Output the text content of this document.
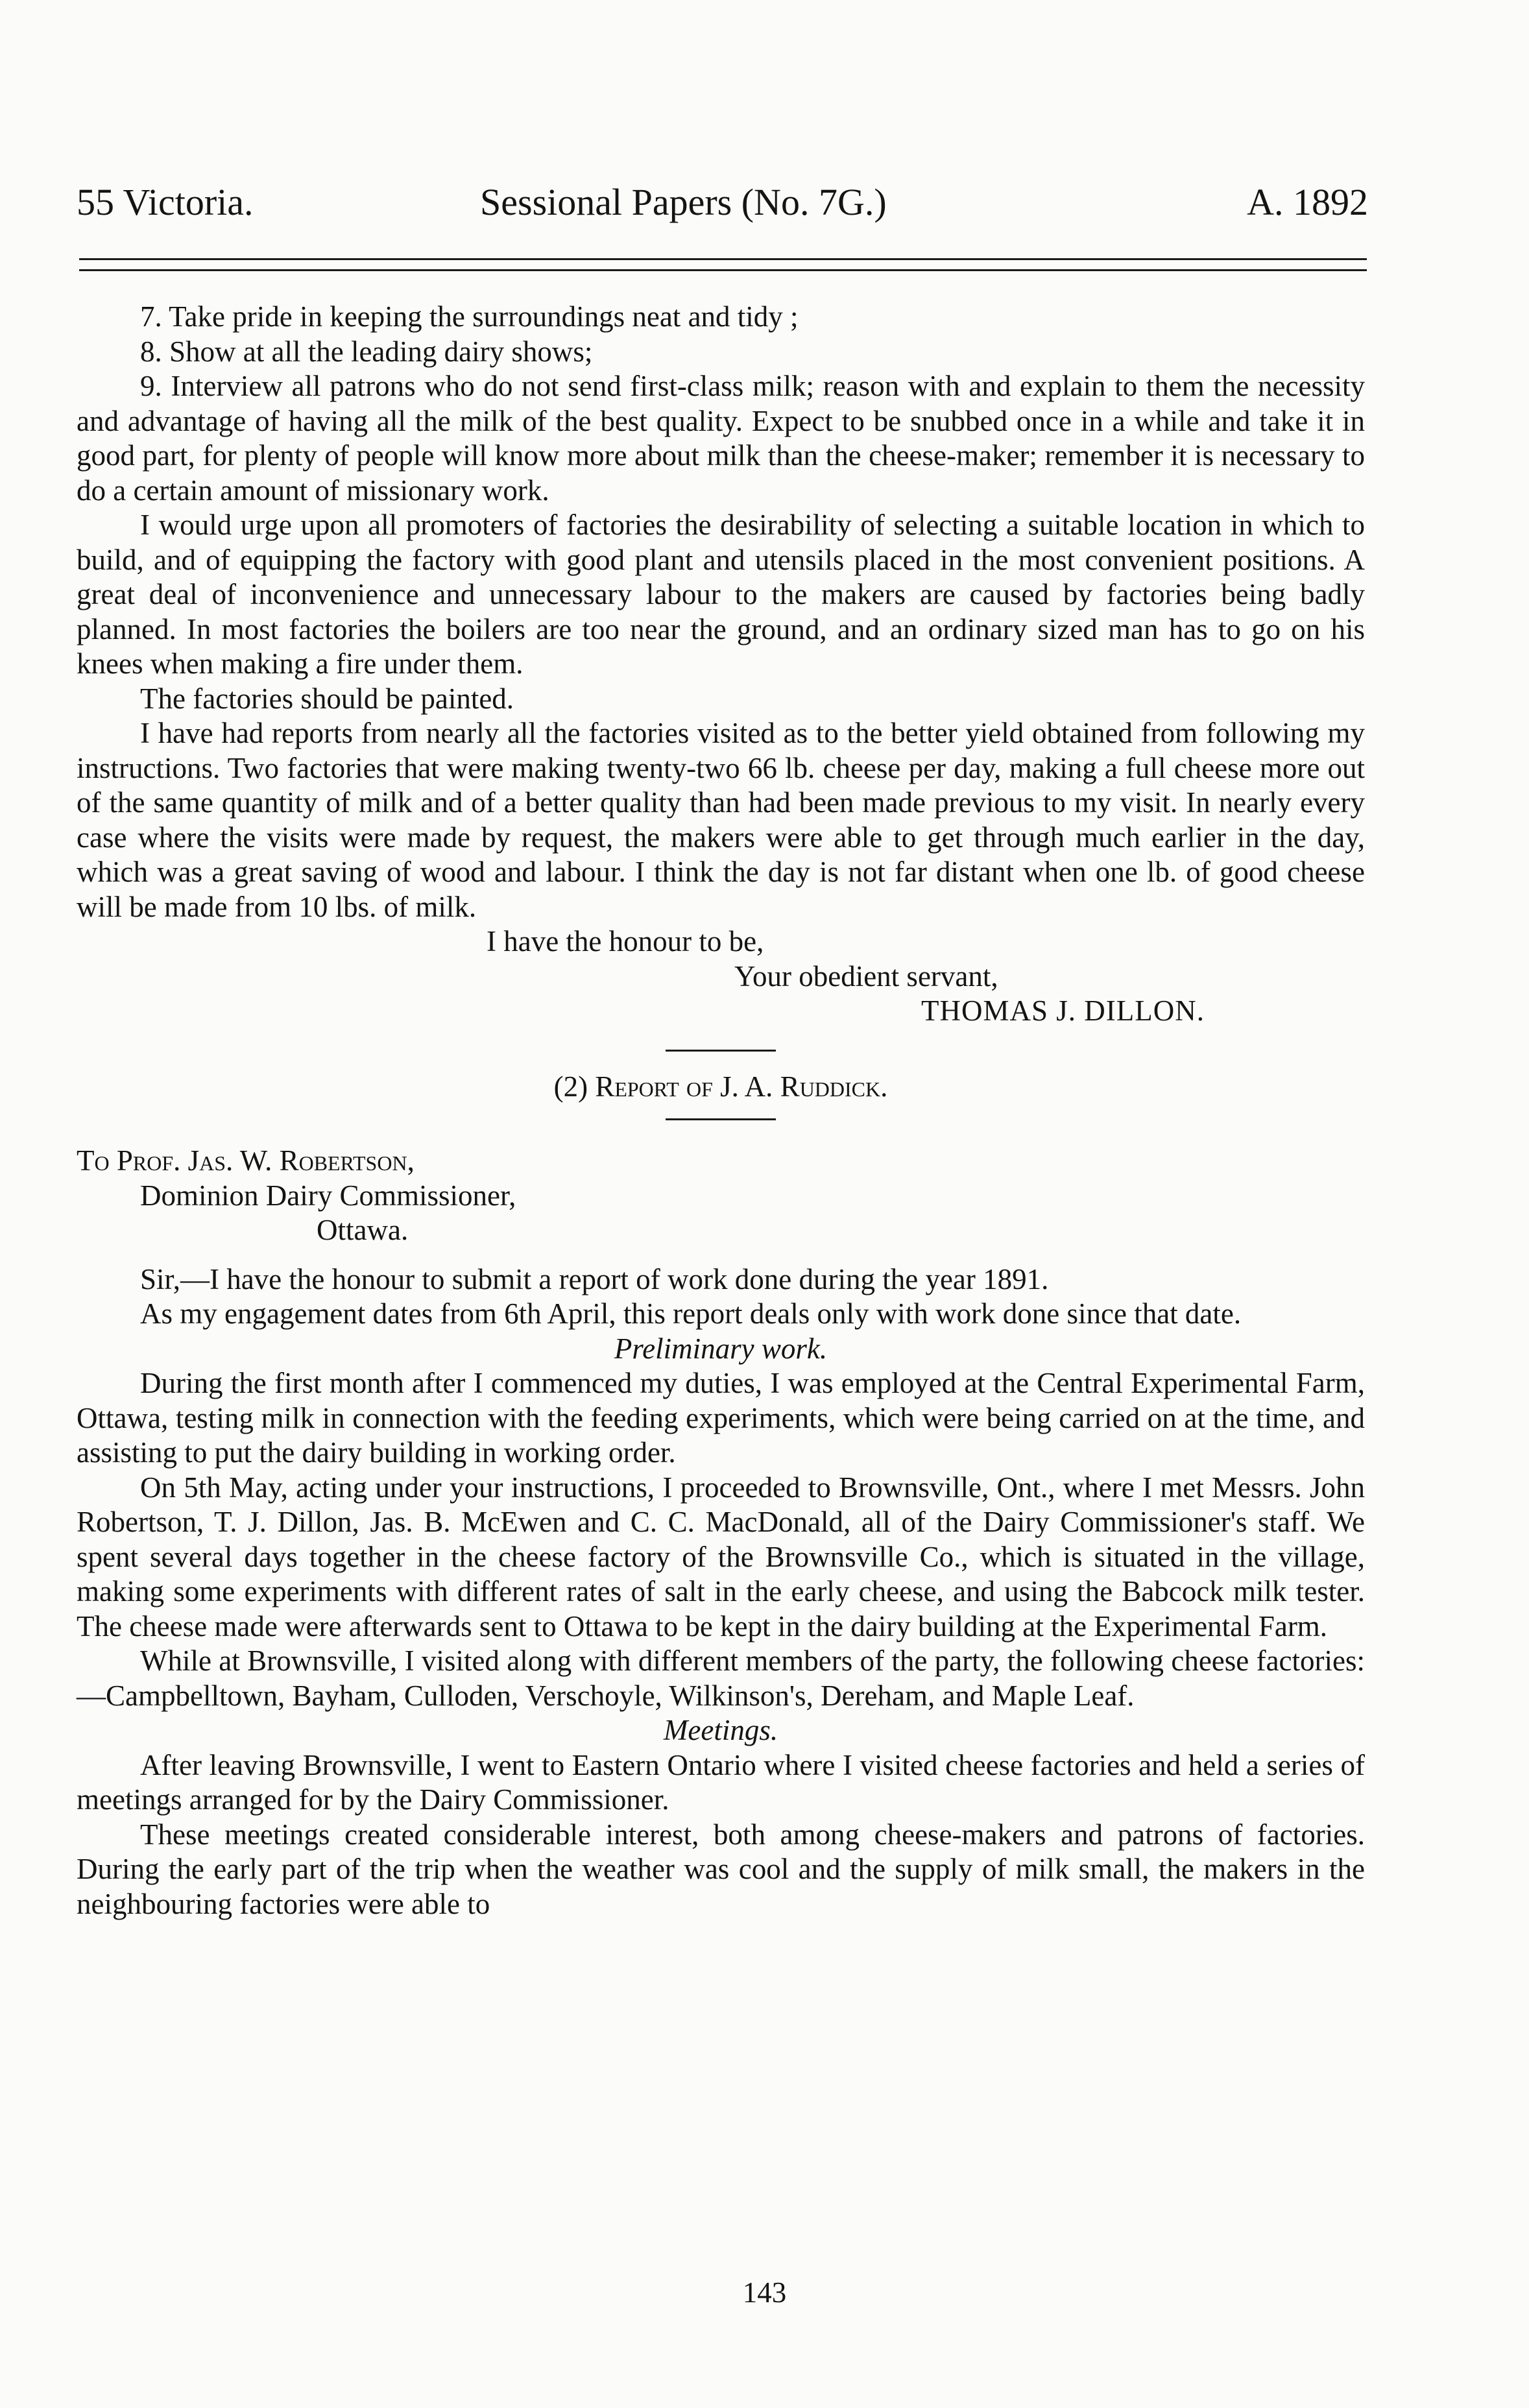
55 Victoria.	Sessional Papers (No. 7G.)	A. 1892

7. Take pride in keeping the surroundings neat and tidy ;

8. Show at all the leading dairy shows;

9. Interview all patrons who do not send first-class milk; reason with and explain to them the necessity and advantage of having all the milk of the best quality. Expect to be snubbed once in a while and take it in good part, for plenty of people will know more about milk than the cheese-maker; remember it is necessary to do a certain amount of missionary work.

I would urge upon all promoters of factories the desirability of selecting a suitable location in which to build, and of equipping the factory with good plant and utensils placed in the most convenient positions. A great deal of inconvenience and unnecessary labour to the makers are caused by factories being badly planned. In most factories the boilers are too near the ground, and an ordinary sized man has to go on his knees when making a fire under them.

The factories should be painted.

I have had reports from nearly all the factories visited as to the better yield obtained from following my instructions. Two factories that were making twenty-two 66 lb. cheese per day, making a full cheese more out of the same quantity of milk and of a better quality than had been made previous to my visit. In nearly every case where the visits were made by request, the makers were able to get through much earlier in the day, which was a great saving of wood and labour. I think the day is not far distant when one lb. of good cheese will be made from 10 lbs. of milk.

I have the honour to be,
Your obedient servant,
THOMAS J. DILLON.
(2) Report of J. A. Ruddick.
To Prof. Jas. W. Robertson,
Dominion Dairy Commissioner,
Ottawa.

Sir,—I have the honour to submit a report of work done during the year 1891.

As my engagement dates from 6th April, this report deals only with work done since that date.

Preliminary work.

During the first month after I commenced my duties, I was employed at the Central Experimental Farm, Ottawa, testing milk in connection with the feeding experiments, which were being carried on at the time, and assisting to put the dairy building in working order.

On 5th May, acting under your instructions, I proceeded to Brownsville, Ont., where I met Messrs. John Robertson, T. J. Dillon, Jas. B. McEwen and C. C. MacDonald, all of the Dairy Commissioner's staff. We spent several days together in the cheese factory of the Brownsville Co., which is situated in the village, making some experiments with different rates of salt in the early cheese, and using the Babcock milk tester. The cheese made were afterwards sent to Ottawa to be kept in the dairy building at the Experimental Farm.

While at Brownsville, I visited along with different members of the party, the following cheese factories:—Campbelltown, Bayham, Culloden, Verschoyle, Wilkinson's, Dereham, and Maple Leaf.

Meetings.

After leaving Brownsville, I went to Eastern Ontario where I visited cheese factories and held a series of meetings arranged for by the Dairy Commissioner.

These meetings created considerable interest, both among cheese-makers and patrons of factories. During the early part of the trip when the weather was cool and the supply of milk small, the makers in the neighbouring factories were able to

143
